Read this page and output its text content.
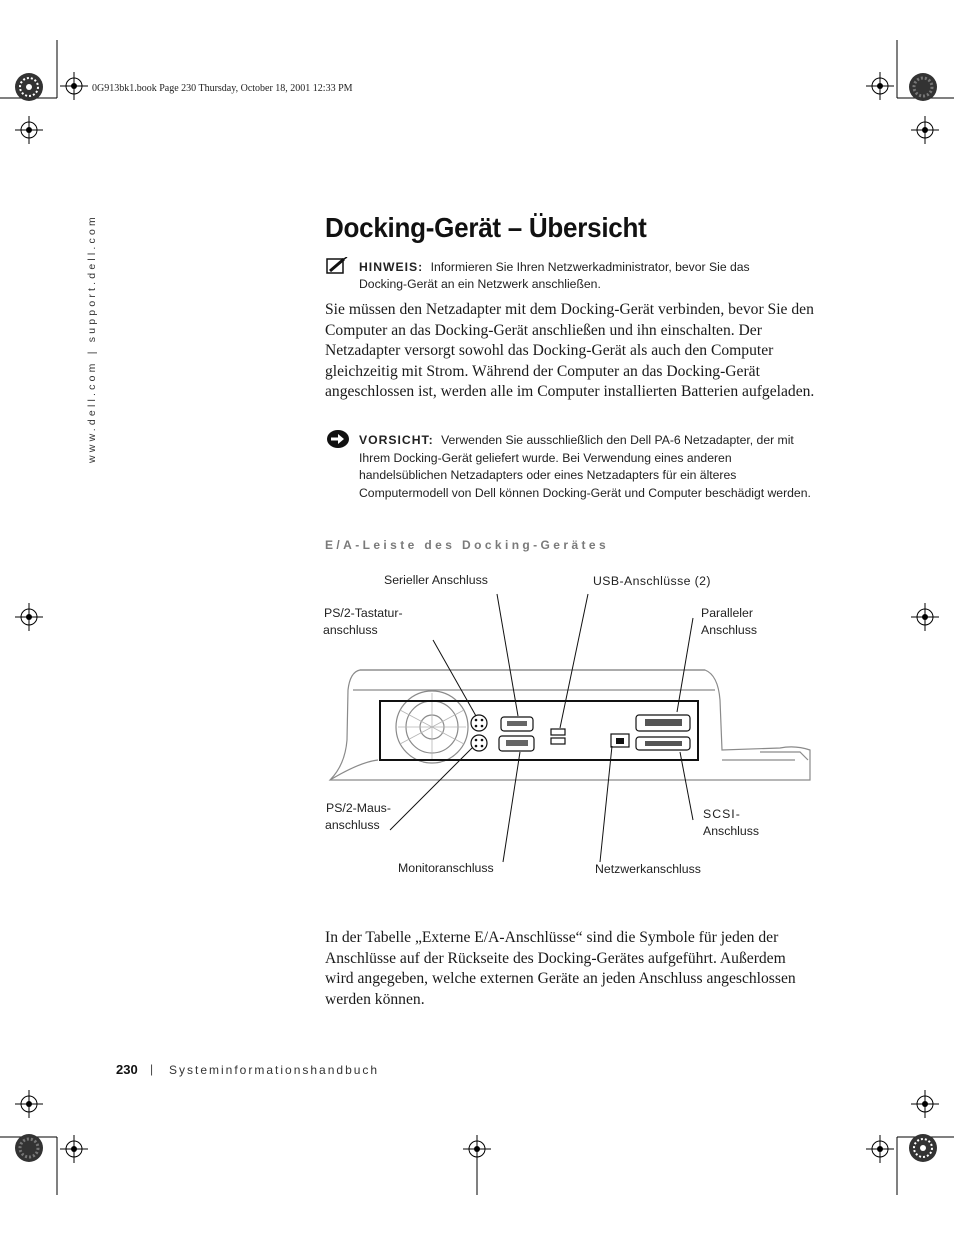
0G913bk1.book Page 230 Thursday, October 18, 2001 12:33 PM
www.dell.com | support.dell.com	Docking-Gerät – Übersicht
HINWEIS: Informieren Sie Ihren Netzwerkadministrator, bevor Sie das Docking-Gerät an ein Netzwerk anschließen.
Sie müssen den Netzadapter mit dem Docking-Gerät verbinden, bevor Sie den Computer an das Docking-Gerät anschließen und ihn einschalten. Der Netzadapter versorgt sowohl das Docking-Gerät als auch den Computer gleichzeitig mit Strom. Während der Computer an das Docking-Gerät angeschlossen ist, werden alle im Computer installierten Batterien aufgeladen.
VORSICHT: Verwenden Sie ausschließlich den Dell PA-6 Netzadapter, der mit Ihrem Docking-Gerät geliefert wurde. Bei Verwendung eines anderen handelsüblichen Netzadapters oder eines Netzadapters für ein älteres Computermodell von Dell können Docking-Gerät und Computer beschädigt werden.
E/A-Leiste des Docking-Gerätes
Serieller Anschluss	USB-Anschlüsse (2)
PS/2-Tastatur-
anschluss
Paralleler
Anschluss
PS/2-Maus-
anschluss
SCSI-
Anschluss
Monitoranschluss	Netzwerkanschluss
In der Tabelle „Externe E/A-Anschlüsse“ sind die Symbole für jeden der Anschlüsse auf der Rückseite des Docking-Gerätes aufgeführt. Außerdem wird angegeben, welche externen Geräte an jeden Anschluss angeschlossen werden können.
230 | Systeminformationshandbuch
